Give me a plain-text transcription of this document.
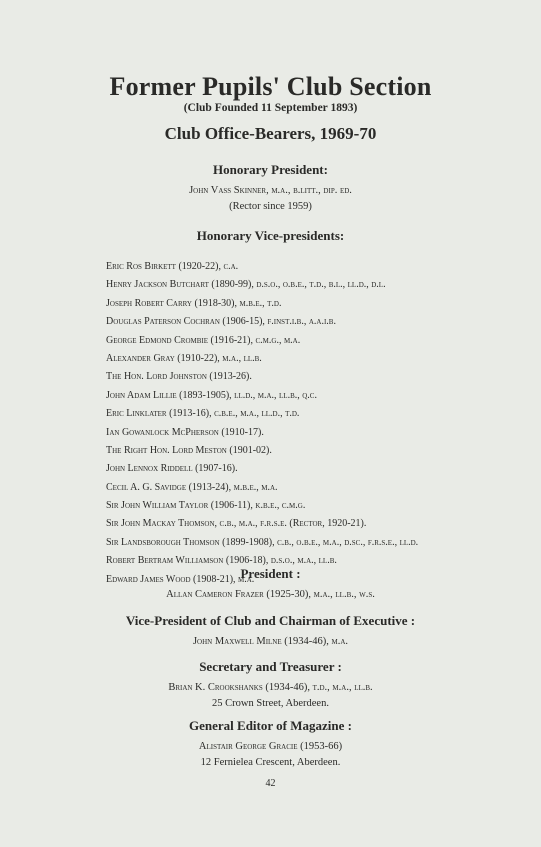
Former Pupils' Club Section
(Club Founded 11 September 1893)
Club Office-Bearers, 1969-70
Honorary President:
John Vass Skinner, m.a., b.litt., dip. ed.
(Rector since 1959)
Honorary Vice-presidents:
Eric Ros Birkett (1920-22), c.a.
Henry Jackson Butchart (1890-99), d.s.o., o.b.e., t.d., b.l., ll.d., d.l.
Joseph Robert Carry (1918-30), m.b.e., t.d.
Douglas Paterson Cochran (1906-15), f.inst.i.b., a.a.i.b.
George Edmond Crombie (1916-21), c.m.g., m.a.
Alexander Gray (1910-22), m.a., ll.b.
The Hon. Lord Johnston (1913-26).
John Adam Lillie (1893-1905), ll.d., m.a., ll.b., q.c.
Eric Linklater (1913-16), c.b.e., m.a., ll.d., t.d.
Ian Gowanlock McPherson (1910-17).
The Right Hon. Lord Meston (1901-02).
John Lennox Riddell (1907-16).
Cecil A. G. Savidge (1913-24), m.b.e., m.a.
Sir John William Taylor (1906-11), k.b.e., c.m.g.
Sir John Mackay Thomson, c.b., m.a., f.r.s.e. (Rector, 1920-21).
Sir Landsborough Thomson (1899-1908), c.b., o.b.e., m.a., d.sc., f.r.s.e., ll.d.
Robert Bertram Williamson (1906-18), d.s.o., m.a., ll.b.
Edward James Wood (1908-21), m.a.
President :
Allan Cameron Frazer (1925-30), m.a., ll.b., w.s.
Vice-President of Club and Chairman of Executive :
John Maxwell Milne (1934-46), m.a.
Secretary and Treasurer :
Brian K. Crookshanks (1934-46), t.d., m.a., ll.b.
25 Crown Street, Aberdeen.
General Editor of Magazine :
Alistair George Gracie (1953-66)
12 Fernielea Crescent, Aberdeen.
42
